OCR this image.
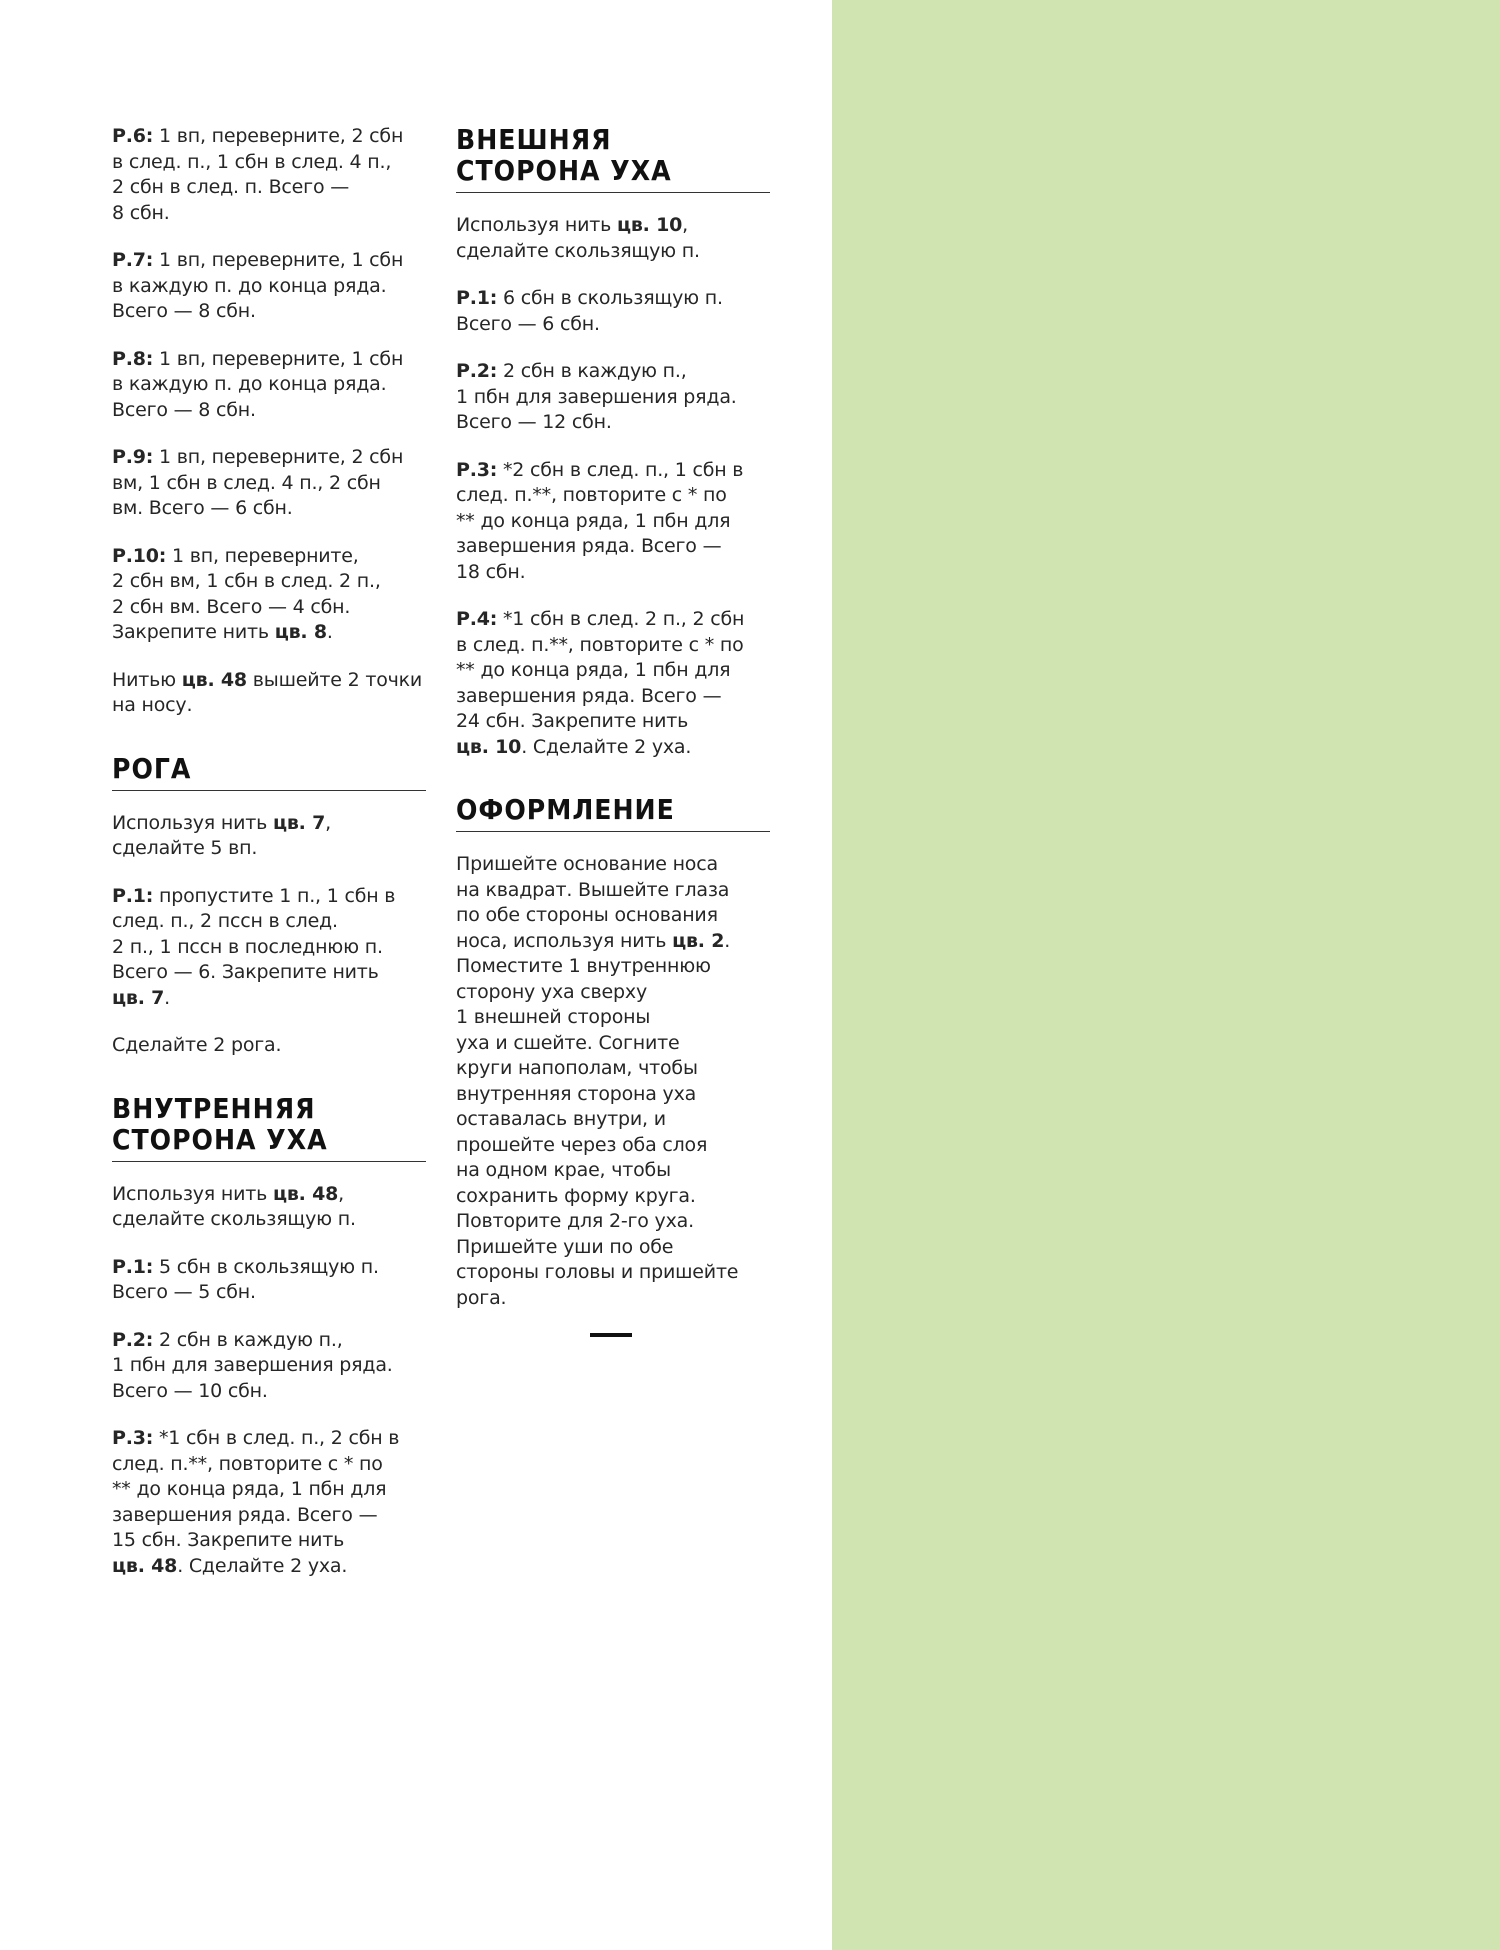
Р.6: 1 вп, переверните, 2 сбн
в след. п., 1 сбн в след. 4 п.,
2 сбн в след. п. Всего —
8 сбн.

Р.7: 1 вп, переверните, 1 сбн
в каждую п. до конца ряда.
Всего — 8 сбн.

Р.8: 1 вп, переверните, 1 сбн
в каждую п. до конца ряда.
Всего — 8 сбн.

Р.9: 1 вп, переверните, 2 сбн
вм, 1 сбн в след. 4 п., 2 сбн
вм. Всего — 6 сбн.

Р.10: 1 вп, переверните,
2 сбн вм, 1 сбн в след. 2 п.,
2 сбн вм. Всего — 4 сбн.
Закрепите нить цв. 8.

Нитью цв. 48 вышейте 2 точки
на носу.

РОГА

Используя нить цв. 7,
сделайте 5 вп.

Р.1: пропустите 1 п., 1 сбн в
след. п., 2 пссн в след.
2 п., 1 пссн в последнюю п.
Всего — 6. Закрепите нить
цв. 7.

Сделайте 2 рога.

ВНУТРЕННЯЯ
СТОРОНА УХА

Используя нить цв. 48,
сделайте скользящую п.

Р.1: 5 сбн в скользящую п.
Всего — 5 сбн.

Р.2: 2 сбн в каждую п.,
1 пбн для завершения ряда.
Всего — 10 сбн.

Р.3: *1 сбн в след. п., 2 сбн в
след. п.**, повторите с * по
** до конца ряда, 1 пбн для
завершения ряда. Всего —
15 сбн. Закрепите нить
цв. 48. Сделайте 2 уха.

ВНЕШНЯЯ
СТОРОНА УХА

Используя нить цв. 10,
сделайте скользящую п.

Р.1: 6 сбн в скользящую п.
Всего — 6 сбн.

Р.2: 2 сбн в каждую п.,
1 пбн для завершения ряда.
Всего — 12 сбн.

Р.3: *2 сбн в след. п., 1 сбн в
след. п.**, повторите с * по
** до конца ряда, 1 пбн для
завершения ряда. Всего —
18 сбн.

Р.4: *1 сбн в след. 2 п., 2 сбн
в след. п.**, повторите с * по
** до конца ряда, 1 пбн для
завершения ряда. Всего —
24 сбн. Закрепите нить
цв. 10. Сделайте 2 уха.

ОФОРМЛЕНИЕ

Пришейте основание носа
на квадрат. Вышейте глаза
по обе стороны основания
носа, используя нить цв. 2.
Поместите 1 внутреннюю
сторону уха сверху
1 внешней стороны
уха и сшейте. Согните
круги напополам, чтобы
внутренняя сторона уха
оставалась внутри, и
прошейте через оба слоя
на одном крае, чтобы
сохранить форму круга.
Повторите для 2-го уха.
Пришейте уши по обе
стороны головы и пришейте
рога.
